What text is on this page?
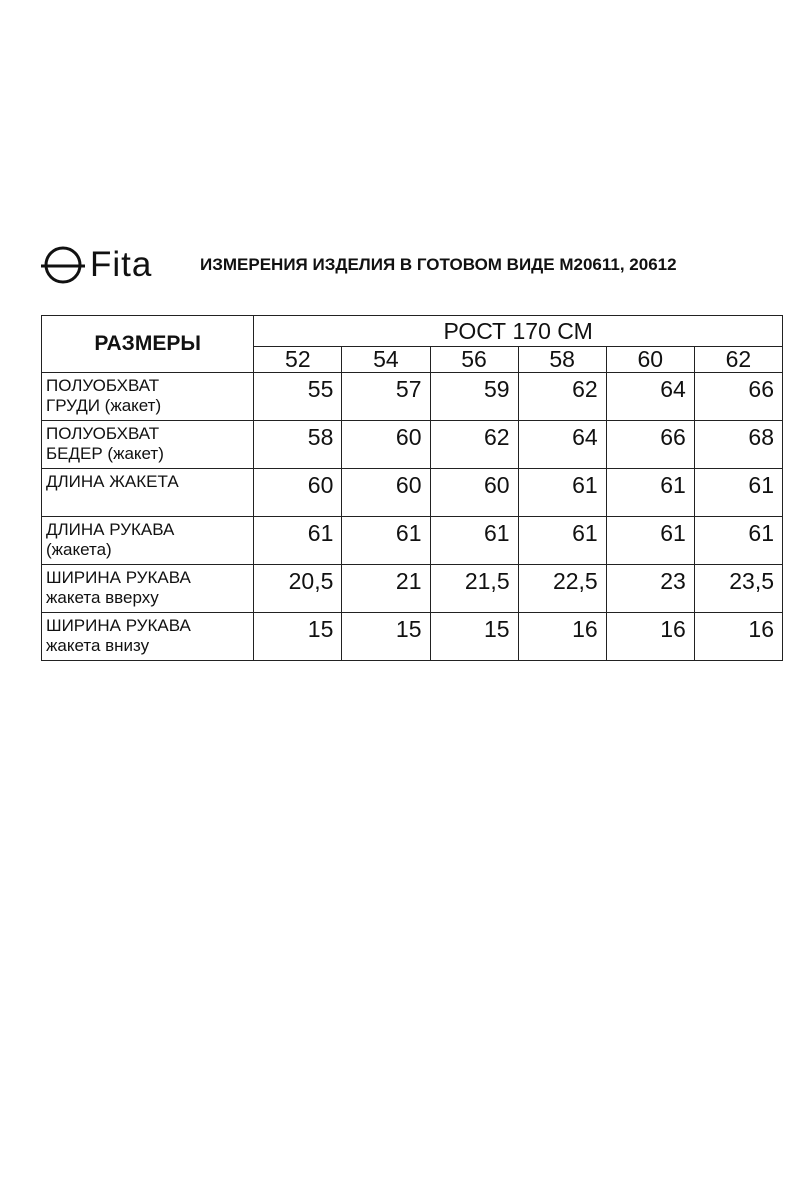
Fita	ИЗМЕРЕНИЯ ИЗДЕЛИЯ В ГОТОВОМ ВИДЕ М20611, 20612
РАЗМЕРЫ	РОСТ 170 СМ					
	52	54	56	58	60	62

ПОЛУОБХВАТ
ГРУДИ (жакет)	55	57	59	62	64	66

ПОЛУОБХВАТ
БЕДЕР (жакет)	58	60	62	64	66	68

ДЛИНА ЖАКЕТА	60	60	60	61	61	61

ДЛИНА РУКАВА
(жакета)	61	61	61	61	61	61

ШИРИНА РУКАВА
жакета вверху	20,5	21	21,5	22,5	23	23,5

ШИРИНА РУКАВА
жакета внизу	15	15	15	16	16	16
